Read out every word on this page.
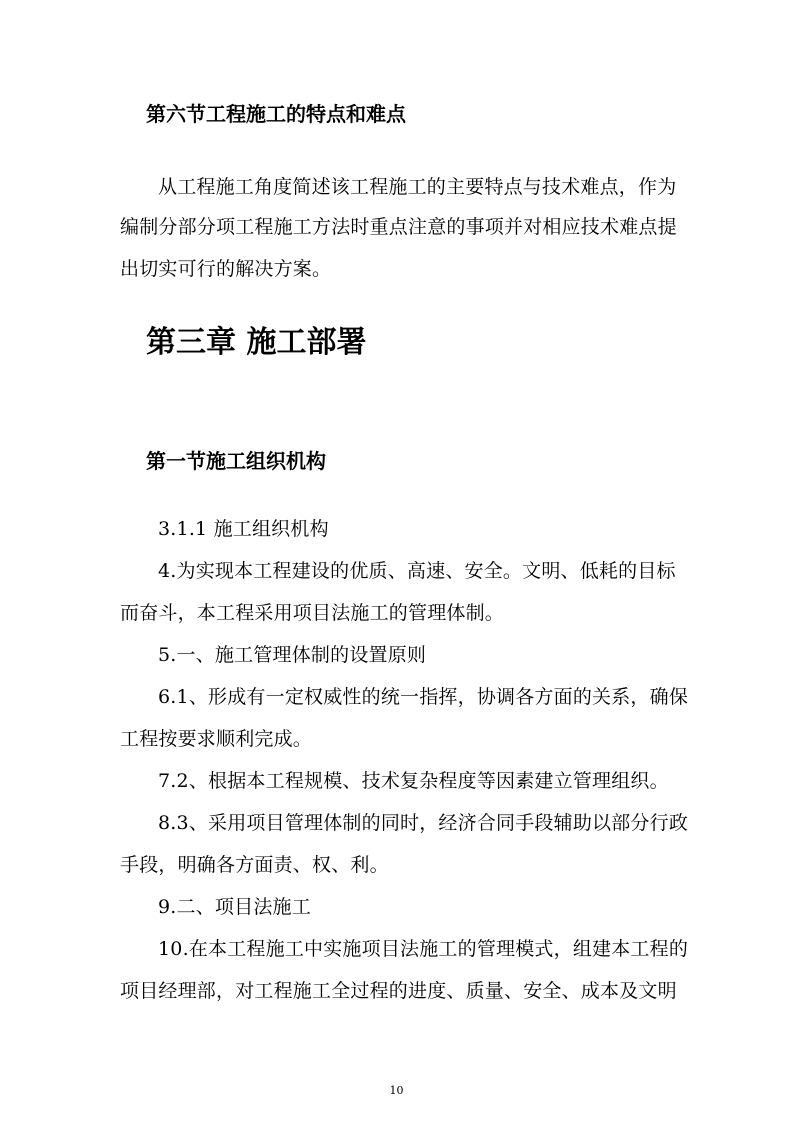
第六节工程施工的特点和难点
从工程施工角度简述该工程施工的主要特点与技术难点，作为
编制分部分项工程施工方法时重点注意的事项并对相应技术难点提
出切实可行的解决方案。
第三章 施工部署
第一节施工组织机构
3.1.1 施工组织机构
4.为实现本工程建设的优质、高速、安全。文明、低耗的目标
而奋斗，本工程采用项目法施工的管理体制。
5.一、施工管理体制的设置原则
6.1、形成有一定权威性的统一指挥，协调各方面的关系，确保
工程按要求顺利完成。
7.2、根据本工程规模、技术复杂程度等因素建立管理组织。
8.3、采用项目管理体制的同时，经济合同手段辅助以部分行政
手段，明确各方面责、权、利。
9.二、项目法施工
10.在本工程施工中实施项目法施工的管理模式，组建本工程的
项目经理部，对工程施工全过程的进度、质量、安全、成本及文明
10
